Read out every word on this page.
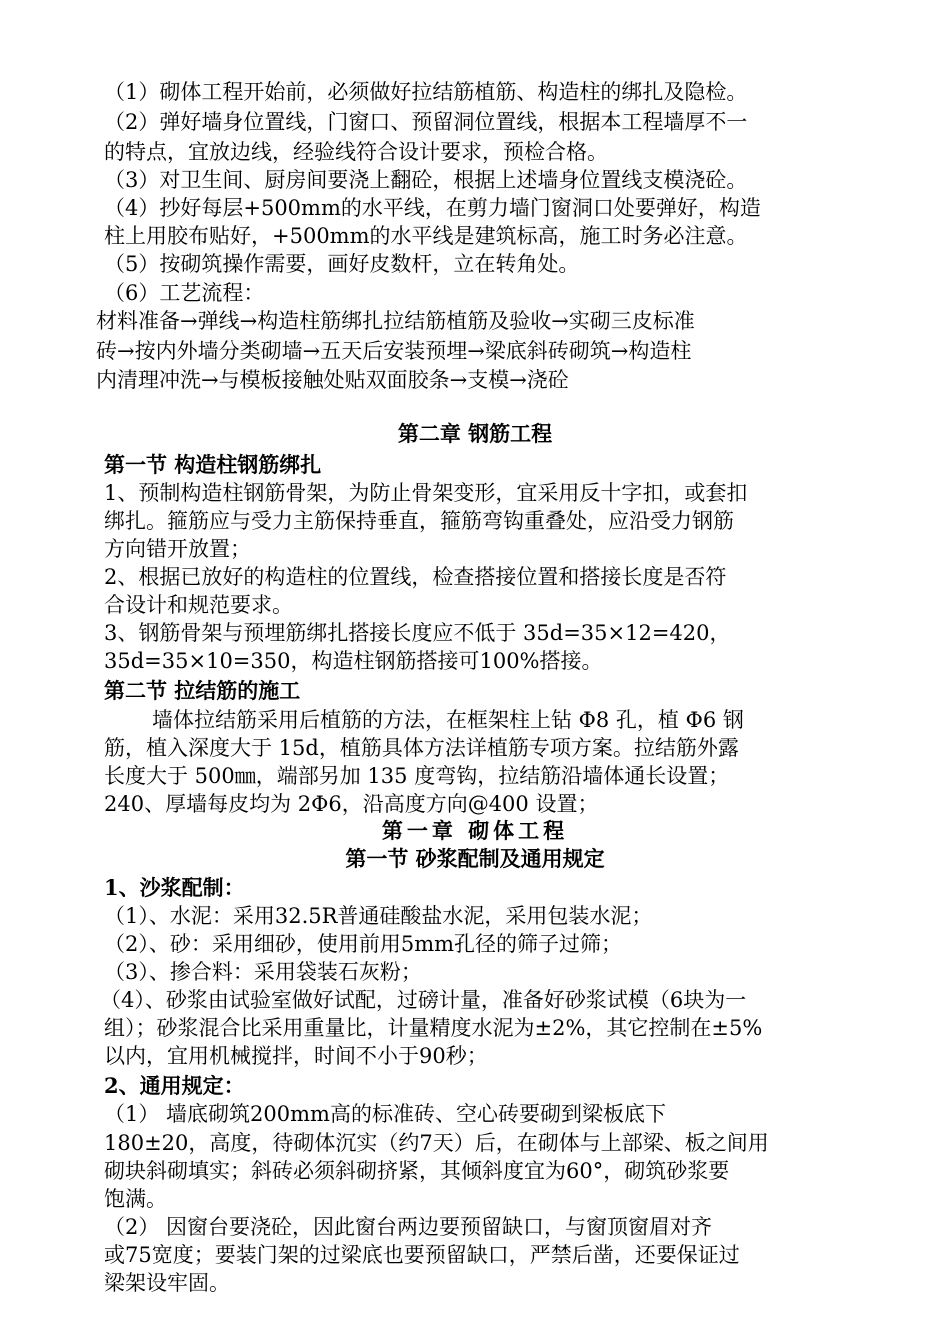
（1）砌体工程开始前，必须做好拉结筋植筋、构造柱的绑扎及隐检。
（2）弹好墙身位置线，门窗口、预留洞位置线，根据本工程墙厚不一
的特点，宜放边线，经验线符合设计要求，预检合格。
（3）对卫生间、厨房间要浇上翻砼，根据上述墙身位置线支模浇砼。
（4）抄好每层+500mm的水平线，在剪力墙门窗洞口处要弹好，构造
柱上用胶布贴好，+500mm的水平线是建筑标高，施工时务必注意。
（5）按砌筑操作需要，画好皮数杆，立在转角处。
（6）工艺流程：
材料准备→弹线→构造柱筋绑扎拉结筋植筋及验收→实砌三皮标准
砖→按内外墙分类砌墙→五天后安装预埋→梁底斜砖砌筑→构造柱
内清理冲洗→与模板接触处贴双面胶条→支模→浇砼
第二章 钢筋工程
第一节 构造柱钢筋绑扎
1、预制构造柱钢筋骨架，为防止骨架变形，宜采用反十字扣，或套扣
绑扎。箍筋应与受力主筋保持垂直，箍筋弯钩重叠处，应沿受力钢筋
方向错开放置；
2、根据已放好的构造柱的位置线，检查搭接位置和搭接长度是否符
合设计和规范要求。
3、钢筋骨架与预埋筋绑扎搭接长度应不低于 35d=35×12=420，
35d=35×10=350，构造柱钢筋搭接可100%搭接。
第二节 拉结筋的施工
墙体拉结筋采用后植筋的方法，在框架柱上钻 Φ8 孔，植 Φ6 钢
筋，植入深度大于 15d，植筋具体方法详植筋专项方案。拉结筋外露
长度大于 500㎜，端部另加 135 度弯钩，拉结筋沿墙体通长设置；
240、厚墙每皮均为 2Φ6，沿高度方向@400 设置；
第一章 砌体工程
第一节 砂浆配制及通用规定
1、沙浆配制：
（1）、水泥：采用32.5R普通硅酸盐水泥，采用包装水泥；
（2）、砂：采用细砂，使用前用5mm孔径的筛子过筛；
（3）、掺合料：采用袋装石灰粉；
（4）、砂浆由试验室做好试配，过磅计量，准备好砂浆试模（6块为一
组）；砂浆混合比采用重量比，计量精度水泥为±2%，其它控制在±5%
以内，宜用机械搅拌，时间不小于90秒；
2、通用规定：
（1） 墙底砌筑200mm高的标准砖、空心砖要砌到梁板底下
180±20，高度，待砌体沉实（约7天）后，在砌体与上部梁、板之间用
砌块斜砌填实；斜砖必须斜砌挤紧，其倾斜度宜为60°，砌筑砂浆要
饱满。
（2） 因窗台要浇砼，因此窗台两边要预留缺口，与窗顶窗眉对齐
或75宽度；要装门架的过梁底也要预留缺口，严禁后凿，还要保证过
梁架设牢固。
